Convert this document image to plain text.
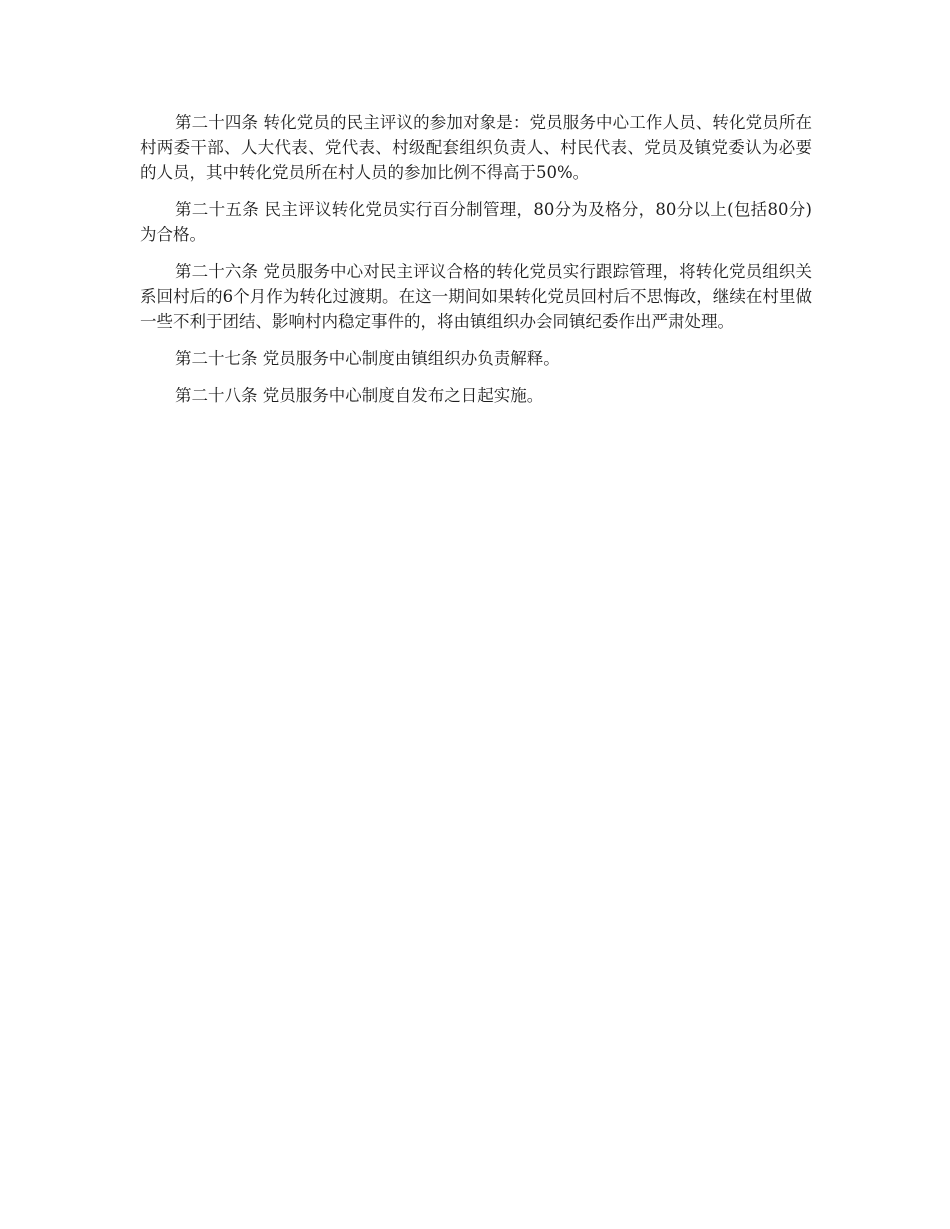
第二十四条 转化党员的民主评议的参加对象是：党员服务中心工作人员、转化党员所在村两委干部、人大代表、党代表、村级配套组织负责人、村民代表、党员及镇党委认为必要的人员，其中转化党员所在村人员的参加比例不得高于50%。

第二十五条 民主评议转化党员实行百分制管理，80分为及格分，80分以上(包括80分)为合格。

第二十六条 党员服务中心对民主评议合格的转化党员实行跟踪管理，将转化党员组织关系回村后的6个月作为转化过渡期。在这一期间如果转化党员回村后不思悔改，继续在村里做一些不利于团结、影响村内稳定事件的，将由镇组织办会同镇纪委作出严肃处理。

第二十七条 党员服务中心制度由镇组织办负责解释。

第二十八条 党员服务中心制度自发布之日起实施。
